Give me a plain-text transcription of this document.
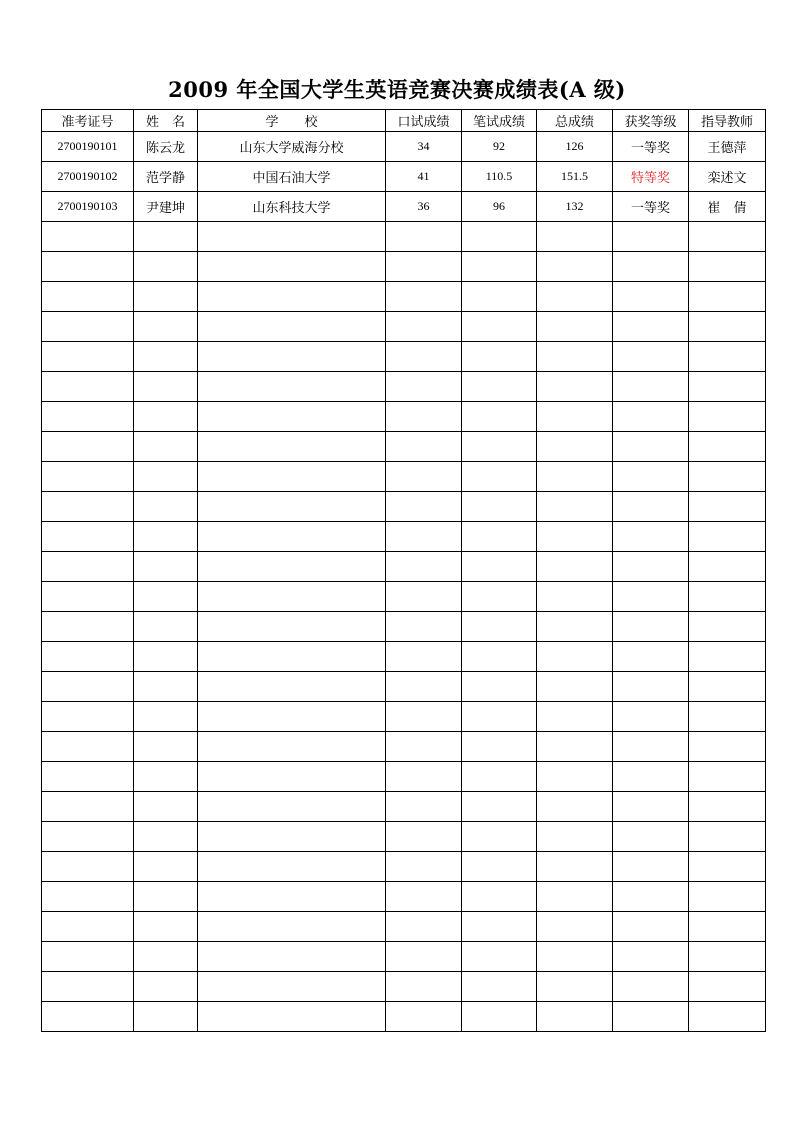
2009 年全国大学生英语竞赛决赛成绩表(A 级)
准考证号	姓　名	学　　校	口试成绩	笔试成绩	总成绩	获奖等级	指导教师
2700190101	陈云龙	山东大学威海分校	34	92	126	一等奖	王德萍
2700190102	范学静	中国石油大学	41	110.5	151.5	特等奖	栾述文
2700190103	尹建坤	山东科技大学	36	96	132	一等奖	崔　倩
